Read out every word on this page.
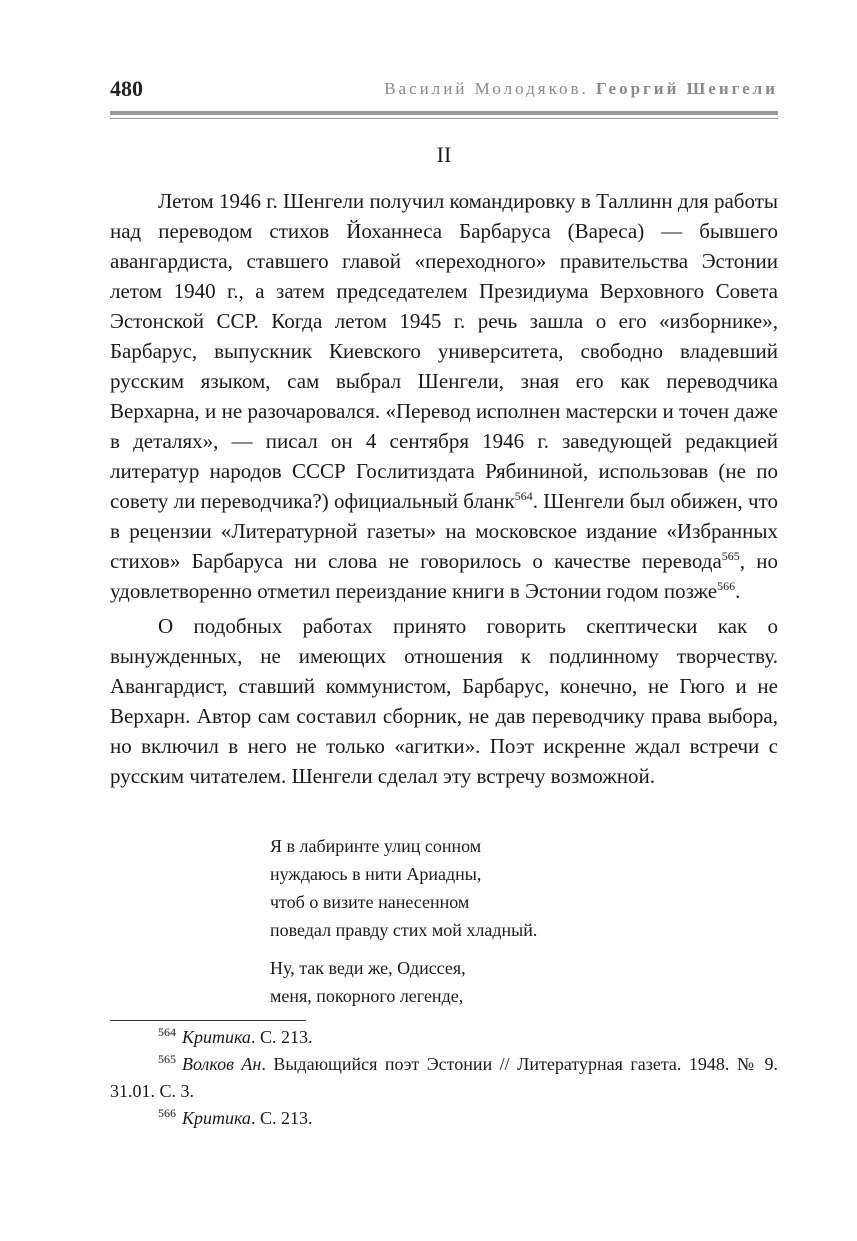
480	Василий Молодяков. Георгий Шенгели
II

Летом 1946 г. Шенгели получил командировку в Таллинн для работы над переводом стихов Йоханнеса Барбаруса (Вареса) — бывшего авангардиста, ставшего главой «переходного» правительства Эстонии летом 1940 г., а затем председателем Президиума Верховного Совета Эстонской ССР. Когда летом 1945 г. речь зашла о его «изборнике», Барбарус, выпускник Киевского университета, свободно владевший русским языком, сам выбрал Шенгели, зная его как переводчика Верхарна, и не разочаровался. «Перевод исполнен мастерски и точен даже в деталях», — писал он 4 сентября 1946 г. заведующей редакцией литератур народов СССР Гослитиздата Рябининой, использовав (не по совету ли переводчика?) официальный бланк$^{564}$. Шенгели был обижен, что в рецензии «Литературной газеты» на московское издание «Избранных стихов» Барбаруса ни слова не говорилось о качестве перевода$^{565}$, но удовлетворенно отметил переиздание книги в Эстонии годом позже$^{566}$.

О подобных работах принято говорить скептически как о вынужденных, не имеющих отношения к подлинному творчеству. Авангардист, ставший коммунистом, Барбарус, конечно, не Гюго и не Верхарн. Автор сам составил сборник, не дав переводчику права выбора, но включил в него не только «агитки». Поэт искренне ждал встречи с русским читателем. Шенгели сделал эту встречу возможной.

Я в лабиринте улиц сонном
нуждаюсь в нити Ариадны,
чтоб о визите нанесенном
поведал правду стих мой хладный.
Ну, так веди же, Одиссея,
меня, покорного легенде,

$^{564}$ Критика. С. 213.

$^{565}$ Волков Ан. Выдающийся поэт Эстонии // Литературная газета. 1948. № 9. 31.01. С. 3.

$^{566}$ Критика. С. 213.
